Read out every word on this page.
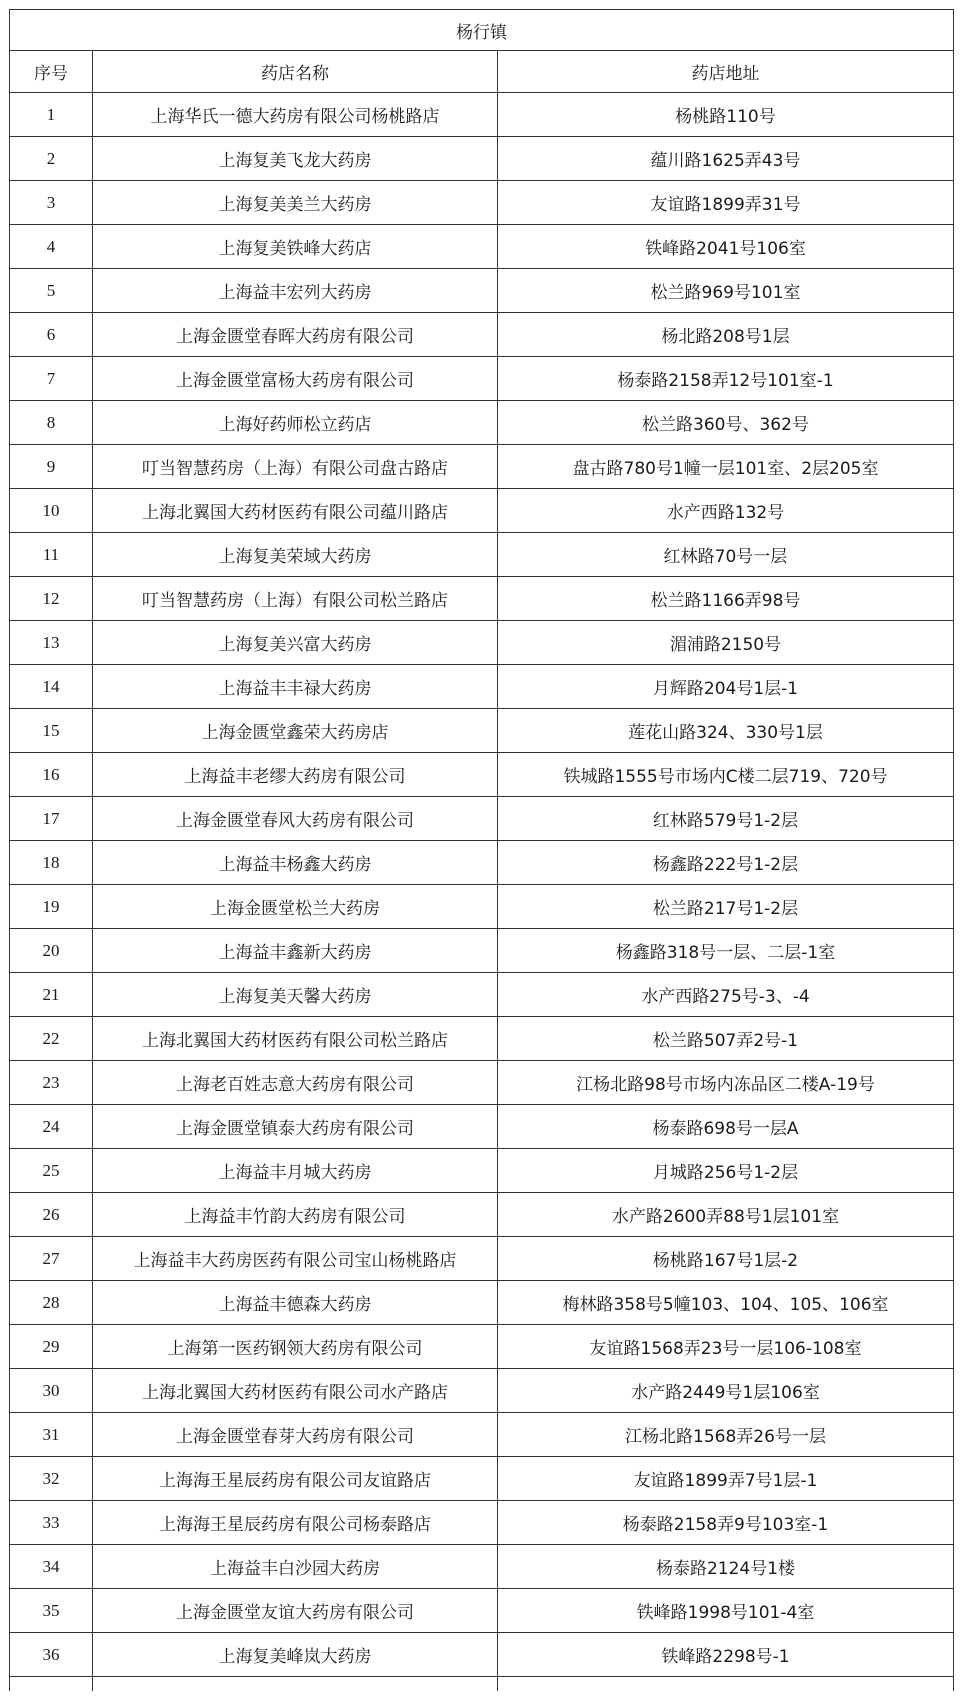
杨行镇		
序号	药店名称	药店地址
1	上海华氏一德大药房有限公司杨桃路店	杨桃路110号
2	上海复美飞龙大药房	蕴川路1625弄43号
3	上海复美美兰大药房	友谊路1899弄31号
4	上海复美铁峰大药店	铁峰路2041号106室
5	上海益丰宏列大药房	松兰路969号101室
6	上海金匮堂春晖大药房有限公司	杨北路208号1层
7	上海金匮堂富杨大药房有限公司	杨泰路2158弄12号101室-1
8	上海好药师松立药店	松兰路360号、362号
9	叮当智慧药房（上海）有限公司盘古路店	盘古路780号1幢一层101室、2层205室
10	上海北翼国大药材医药有限公司蕴川路店	水产西路132号
11	上海复美荣域大药房	红林路70号一层
12	叮当智慧药房（上海）有限公司松兰路店	松兰路1166弄98号
13	上海复美兴富大药房	湄浦路2150号
14	上海益丰丰禄大药房	月辉路204号1层-1
15	上海金匮堂鑫荣大药房店	莲花山路324、330号1层
16	上海益丰老缪大药房有限公司	铁城路1555号市场内C楼二层719、720号
17	上海金匮堂春风大药房有限公司	红林路579号1-2层
18	上海益丰杨鑫大药房	杨鑫路222号1-2层
19	上海金匮堂松兰大药房	松兰路217号1-2层
20	上海益丰鑫新大药房	杨鑫路318号一层、二层-1室
21	上海复美天馨大药房	水产西路275号-3、-4
22	上海北翼国大药材医药有限公司松兰路店	松兰路507弄2号-1
23	上海老百姓志意大药房有限公司	江杨北路98号市场内冻品区二楼A-19号
24	上海金匮堂镇泰大药房有限公司	杨泰路698号一层A
25	上海益丰月城大药房	月城路256号1-2层
26	上海益丰竹韵大药房有限公司	水产路2600弄88号1层101室
27	上海益丰大药房医药有限公司宝山杨桃路店	杨桃路167号1层-2
28	上海益丰德森大药房	梅林路358号5幢103、104、105、106室
29	上海第一医药钢领大药房有限公司	友谊路1568弄23号一层106-108室
30	上海北翼国大药材医药有限公司水产路店	水产路2449号1层106室
31	上海金匮堂春芽大药房有限公司	江杨北路1568弄26号一层
32	上海海王星辰药房有限公司友谊路店	友谊路1899弄7号1层-1
33	上海海王星辰药房有限公司杨泰路店	杨泰路2158弄9号103室-1
34	上海益丰白沙园大药房	杨泰路2124号1楼
35	上海金匮堂友谊大药房有限公司	铁峰路1998号101-4室
36	上海复美峰岚大药房	铁峰路2298号-1
